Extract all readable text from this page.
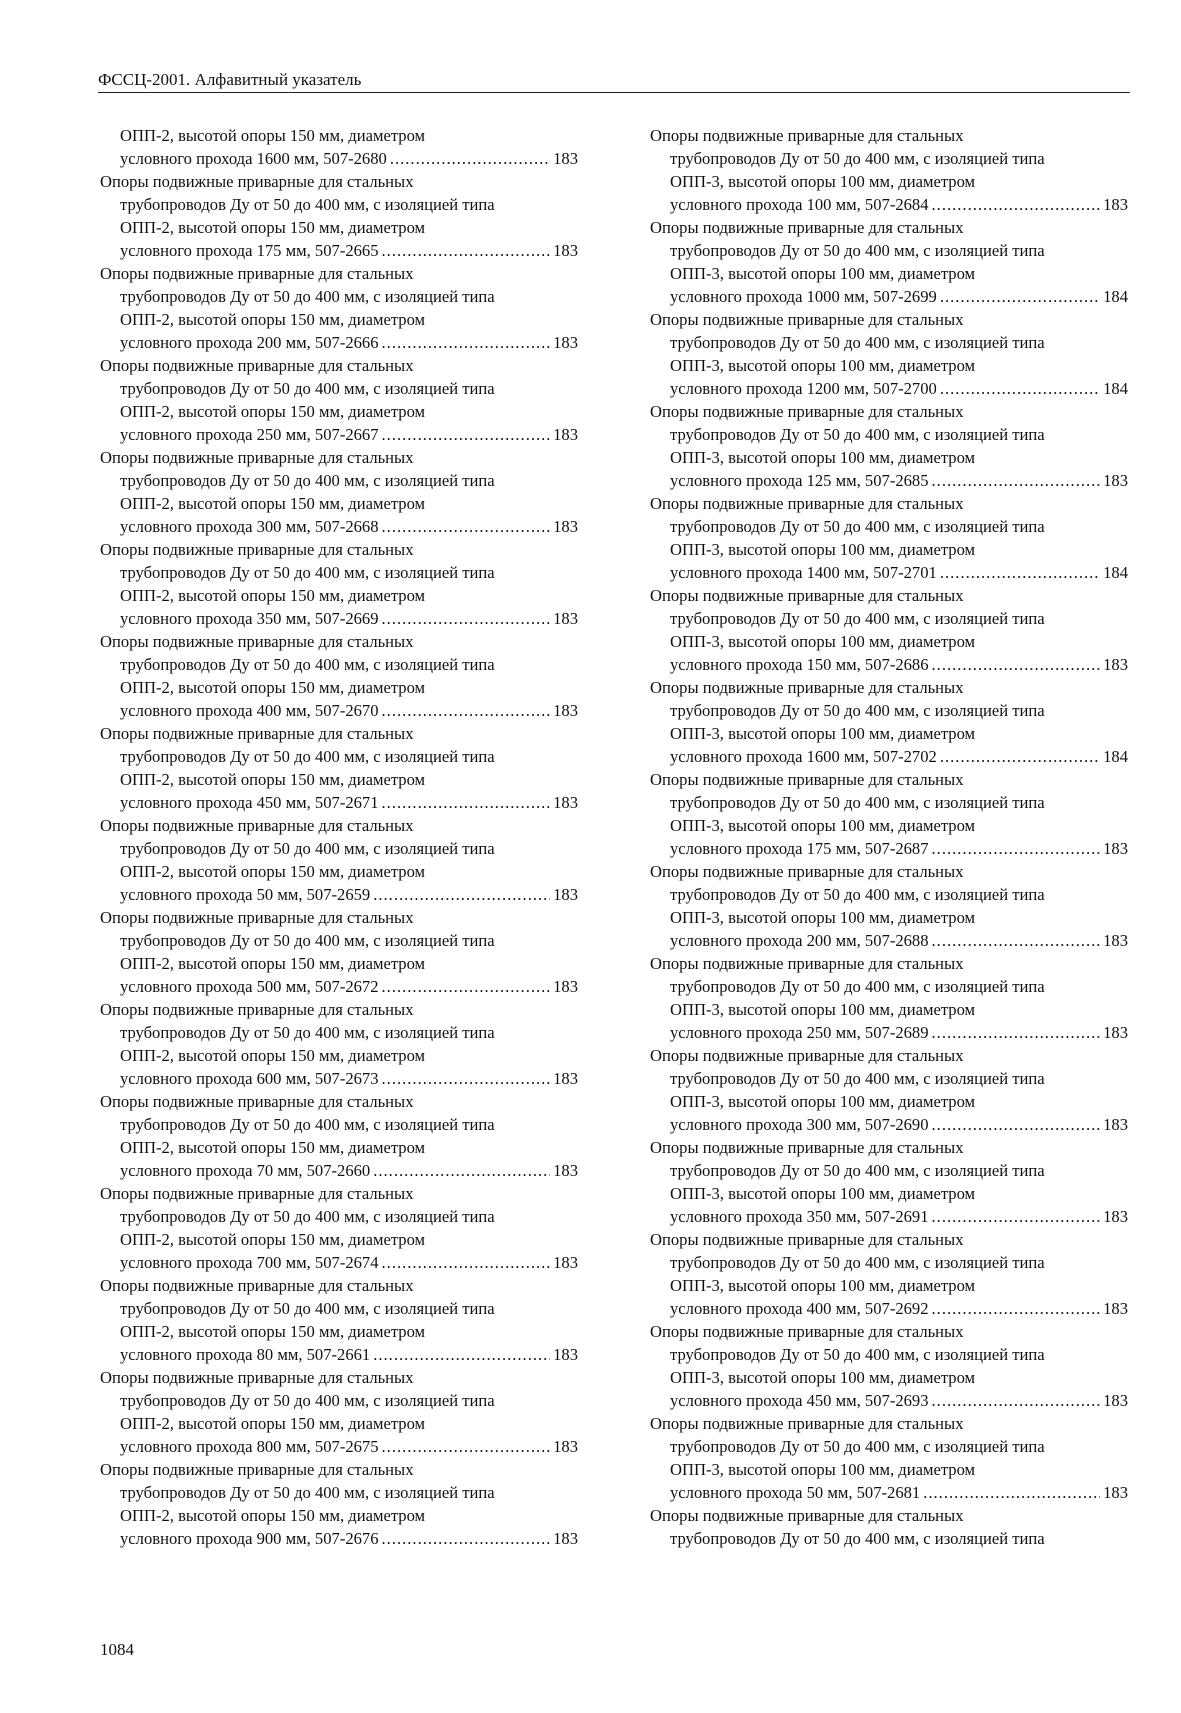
ФССЦ-2001. Алфавитный указатель
ОПП-2, высотой опоры 150 мм, диаметром
условного прохода 1600 мм, 507-2680 .....	183
Опоры подвижные приварные для стальных
трубопроводов Ду от 50 до 400 мм, с изоляцией типа
ОПП-2, высотой опоры 150 мм, диаметром
условного прохода 175 мм, 507-2665 .....	183
Опоры подвижные приварные для стальных
трубопроводов Ду от 50 до 400 мм, с изоляцией типа
ОПП-2, высотой опоры 150 мм, диаметром
условного прохода 200 мм, 507-2666 .....	183
Опоры подвижные приварные для стальных
трубопроводов Ду от 50 до 400 мм, с изоляцией типа
ОПП-2, высотой опоры 150 мм, диаметром
условного прохода 250 мм, 507-2667 .....	183
Опоры подвижные приварные для стальных
трубопроводов Ду от 50 до 400 мм, с изоляцией типа
ОПП-2, высотой опоры 150 мм, диаметром
условного прохода 300 мм, 507-2668 .....	183
Опоры подвижные приварные для стальных
трубопроводов Ду от 50 до 400 мм, с изоляцией типа
ОПП-2, высотой опоры 150 мм, диаметром
условного прохода 350 мм, 507-2669 .....	183
Опоры подвижные приварные для стальных
трубопроводов Ду от 50 до 400 мм, с изоляцией типа
ОПП-2, высотой опоры 150 мм, диаметром
условного прохода 400 мм, 507-2670 .....	183
Опоры подвижные приварные для стальных
трубопроводов Ду от 50 до 400 мм, с изоляцией типа
ОПП-2, высотой опоры 150 мм, диаметром
условного прохода 450 мм, 507-2671 .....	183
Опоры подвижные приварные для стальных
трубопроводов Ду от 50 до 400 мм, с изоляцией типа
ОПП-2, высотой опоры 150 мм, диаметром
условного прохода 50 мм, 507-2659 .....	183
Опоры подвижные приварные для стальных
трубопроводов Ду от 50 до 400 мм, с изоляцией типа
ОПП-2, высотой опоры 150 мм, диаметром
условного прохода 500 мм, 507-2672 .....	183
Опоры подвижные приварные для стальных
трубопроводов Ду от 50 до 400 мм, с изоляцией типа
ОПП-2, высотой опоры 150 мм, диаметром
условного прохода 600 мм, 507-2673 .....	183
Опоры подвижные приварные для стальных
трубопроводов Ду от 50 до 400 мм, с изоляцией типа
ОПП-2, высотой опоры 150 мм, диаметром
условного прохода 70 мм, 507-2660 .....	183
Опоры подвижные приварные для стальных
трубопроводов Ду от 50 до 400 мм, с изоляцией типа
ОПП-2, высотой опоры 150 мм, диаметром
условного прохода 700 мм, 507-2674 .....	183
Опоры подвижные приварные для стальных
трубопроводов Ду от 50 до 400 мм, с изоляцией типа
ОПП-2, высотой опоры 150 мм, диаметром
условного прохода 80 мм, 507-2661 .....	183
Опоры подвижные приварные для стальных
трубопроводов Ду от 50 до 400 мм, с изоляцией типа
ОПП-2, высотой опоры 150 мм, диаметром
условного прохода 800 мм, 507-2675 .....	183
Опоры подвижные приварные для стальных
трубопроводов Ду от 50 до 400 мм, с изоляцией типа
ОПП-2, высотой опоры 150 мм, диаметром
условного прохода 900 мм, 507-2676 .....	183
Опоры подвижные приварные для стальных
трубопроводов Ду от 50 до 400 мм, с изоляцией типа
ОПП-3, высотой опоры 100 мм, диаметром
условного прохода 100 мм, 507-2684 .....	183
Опоры подвижные приварные для стальных
трубопроводов Ду от 50 до 400 мм, с изоляцией типа
ОПП-3, высотой опоры 100 мм, диаметром
условного прохода 1000 мм, 507-2699 .....	184
Опоры подвижные приварные для стальных
трубопроводов Ду от 50 до 400 мм, с изоляцией типа
ОПП-3, высотой опоры 100 мм, диаметром
условного прохода 1200 мм, 507-2700 .....	184
Опоры подвижные приварные для стальных
трубопроводов Ду от 50 до 400 мм, с изоляцией типа
ОПП-3, высотой опоры 100 мм, диаметром
условного прохода 125 мм, 507-2685 .....	183
Опоры подвижные приварные для стальных
трубопроводов Ду от 50 до 400 мм, с изоляцией типа
ОПП-3, высотой опоры 100 мм, диаметром
условного прохода 1400 мм, 507-2701 .....	184
Опоры подвижные приварные для стальных
трубопроводов Ду от 50 до 400 мм, с изоляцией типа
ОПП-3, высотой опоры 100 мм, диаметром
условного прохода 150 мм, 507-2686 .....	183
Опоры подвижные приварные для стальных
трубопроводов Ду от 50 до 400 мм, с изоляцией типа
ОПП-3, высотой опоры 100 мм, диаметром
условного прохода 1600 мм, 507-2702 .....	184
Опоры подвижные приварные для стальных
трубопроводов Ду от 50 до 400 мм, с изоляцией типа
ОПП-3, высотой опоры 100 мм, диаметром
условного прохода 175 мм, 507-2687 .....	183
Опоры подвижные приварные для стальных
трубопроводов Ду от 50 до 400 мм, с изоляцией типа
ОПП-3, высотой опоры 100 мм, диаметром
условного прохода 200 мм, 507-2688 .....	183
Опоры подвижные приварные для стальных
трубопроводов Ду от 50 до 400 мм, с изоляцией типа
ОПП-3, высотой опоры 100 мм, диаметром
условного прохода 250 мм, 507-2689 .....	183
Опоры подвижные приварные для стальных
трубопроводов Ду от 50 до 400 мм, с изоляцией типа
ОПП-3, высотой опоры 100 мм, диаметром
условного прохода 300 мм, 507-2690 .....	183
Опоры подвижные приварные для стальных
трубопроводов Ду от 50 до 400 мм, с изоляцией типа
ОПП-3, высотой опоры 100 мм, диаметром
условного прохода 350 мм, 507-2691 .....	183
Опоры подвижные приварные для стальных
трубопроводов Ду от 50 до 400 мм, с изоляцией типа
ОПП-3, высотой опоры 100 мм, диаметром
условного прохода 400 мм, 507-2692 .....	183
Опоры подвижные приварные для стальных
трубопроводов Ду от 50 до 400 мм, с изоляцией типа
ОПП-3, высотой опоры 100 мм, диаметром
условного прохода 450 мм, 507-2693 .....	183
Опоры подвижные приварные для стальных
трубопроводов Ду от 50 до 400 мм, с изоляцией типа
ОПП-3, высотой опоры 100 мм, диаметром
условного прохода 50 мм, 507-2681 .....	183
Опоры подвижные приварные для стальных
трубопроводов Ду от 50 до 400 мм, с изоляцией типа
1084
